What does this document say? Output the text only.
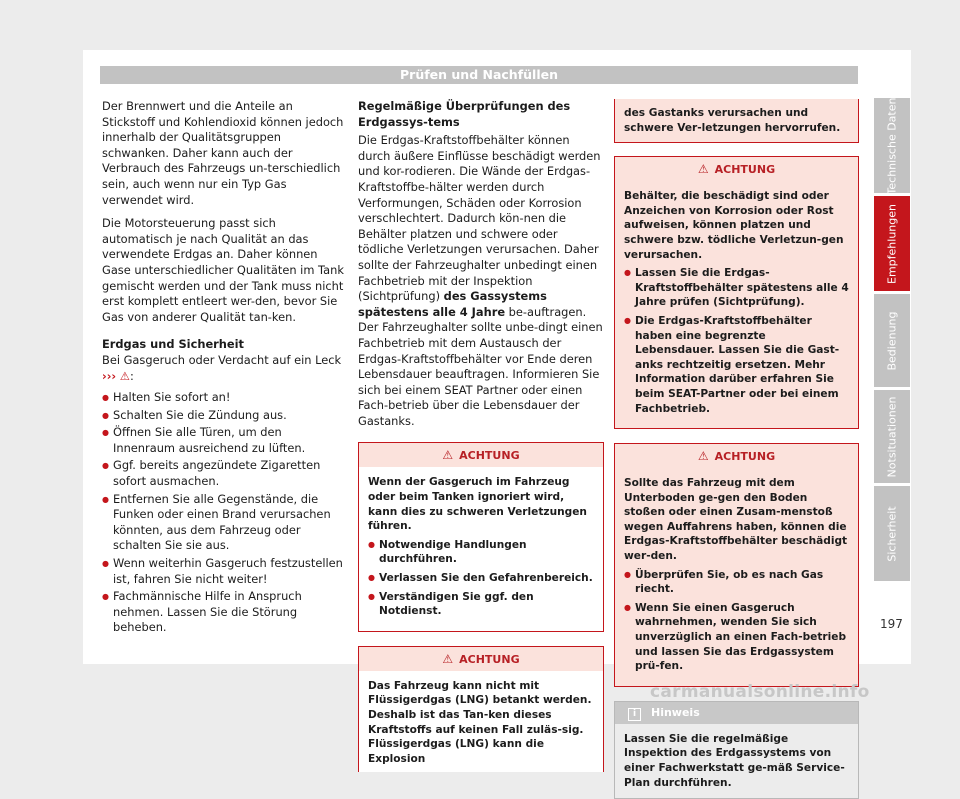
Prüfen und Nachfüllen

Der Brennwert und die Anteile an Stickstoff und Kohlendioxid können jedoch innerhalb der Qualitätsgruppen schwanken. Daher kann auch der Verbrauch des Fahrzeugs un-terschiedlich sein, auch wenn nur ein Typ Gas verwendet wird.

Die Motorsteuerung passt sich automatisch je nach Qualität an das verwendete Erdgas an. Daher können Gase unterschiedlicher Qualitäten im Tank gemischt werden und der Tank muss nicht erst komplett entleert wer-den, bevor Sie Gas von anderer Qualität tan-ken.

Erdgas und Sicherheit
Bei Gasgeruch oder Verdacht auf ein Leck
››› ⚠:
● Halten Sie sofort an!
● Schalten Sie die Zündung aus.
● Öffnen Sie alle Türen, um den Innenraum ausreichend zu lüften.
● Ggf. bereits angezündete Zigaretten sofort ausmachen.
● Entfernen Sie alle Gegenstände, die Funken oder einen Brand verursachen könnten, aus dem Fahrzeug oder schalten Sie sie aus.
● Wenn weiterhin Gasgeruch festzustellen ist, fahren Sie nicht weiter!
● Fachmännische Hilfe in Anspruch nehmen. Lassen Sie die Störung beheben.
Regelmäßige Überprüfungen des Erdgassys-tems

Die Erdgas-Kraftstoffbehälter können durch äußere Einflüsse beschädigt werden und kor-rodieren. Die Wände der Erdgas-Kraftstoffbe-hälter werden durch Verformungen, Schäden oder Korrosion verschlechtert. Dadurch kön-nen die Behälter platzen und schwere oder tödliche Verletzungen verursachen. Daher sollte der Fahrzeughalter unbedingt einen Fachbetrieb mit der Inspektion (Sichtprüfung) des Gassystems spätestens alle 4 Jahre be-auftragen. Der Fahrzeughalter sollte unbe-dingt einen Fachbetrieb mit dem Austausch der Erdgas-Kraftstoffbehälter vor Ende deren Lebensdauer beauftragen. Informieren Sie sich bei einem SEAT Partner oder einen Fach-betrieb über die Lebensdauer der Gastanks.

⚠ ACHTUNG
Wenn der Gasgeruch im Fahrzeug oder beim Tanken ignoriert wird, kann dies zu schweren Verletzungen führen.
● Notwendige Handlungen durchführen.
● Verlassen Sie den Gefahrenbereich.
● Verständigen Sie ggf. den Notdienst.
⚠ ACHTUNG
Das Fahrzeug kann nicht mit Flüssigerdgas (LNG) betankt werden. Deshalb ist das Tan-ken dieses Kraftstoffs auf keinen Fall zuläs-sig. Flüssigerdgas (LNG) kann die Explosion
des Gastanks verursachen und schwere Ver-letzungen hervorrufen.
⚠ ACHTUNG
Behälter, die beschädigt sind oder Anzeichen von Korrosion oder Rost aufweisen, können platzen und schwere bzw. tödliche Verletzun-gen verursachen.
● Lassen Sie die Erdgas-Kraftstoffbehälter spätestens alle 4 Jahre prüfen (Sichtprüfung).
● Die Erdgas-Kraftstoffbehälter haben eine begrenzte Lebensdauer. Lassen Sie die Gast-anks rechtzeitig ersetzen. Mehr Information darüber erfahren Sie beim SEAT-Partner oder bei einem Fachbetrieb.
⚠ ACHTUNG
Sollte das Fahrzeug mit dem Unterboden ge-gen den Boden stoßen oder einen Zusam-menstoß wegen Auffahrens haben, können die Erdgas-Kraftstoffbehälter beschädigt wer-den.
● Überprüfen Sie, ob es nach Gas riecht.
● Wenn Sie einen Gasgeruch wahrnehmen, wenden Sie sich unverzüglich an einen Fach-betrieb und lassen Sie das Erdgassystem prü-fen.
i Hinweis
Lassen Sie die regelmäßige Inspektion des Erdgassystems von einer Fachwerkstatt ge-mäß Service-Plan durchführen.
Technische Daten
Empfehlungen
Bedienung
Notsituationen
Sicherheit
197
carmanualsonline.info
